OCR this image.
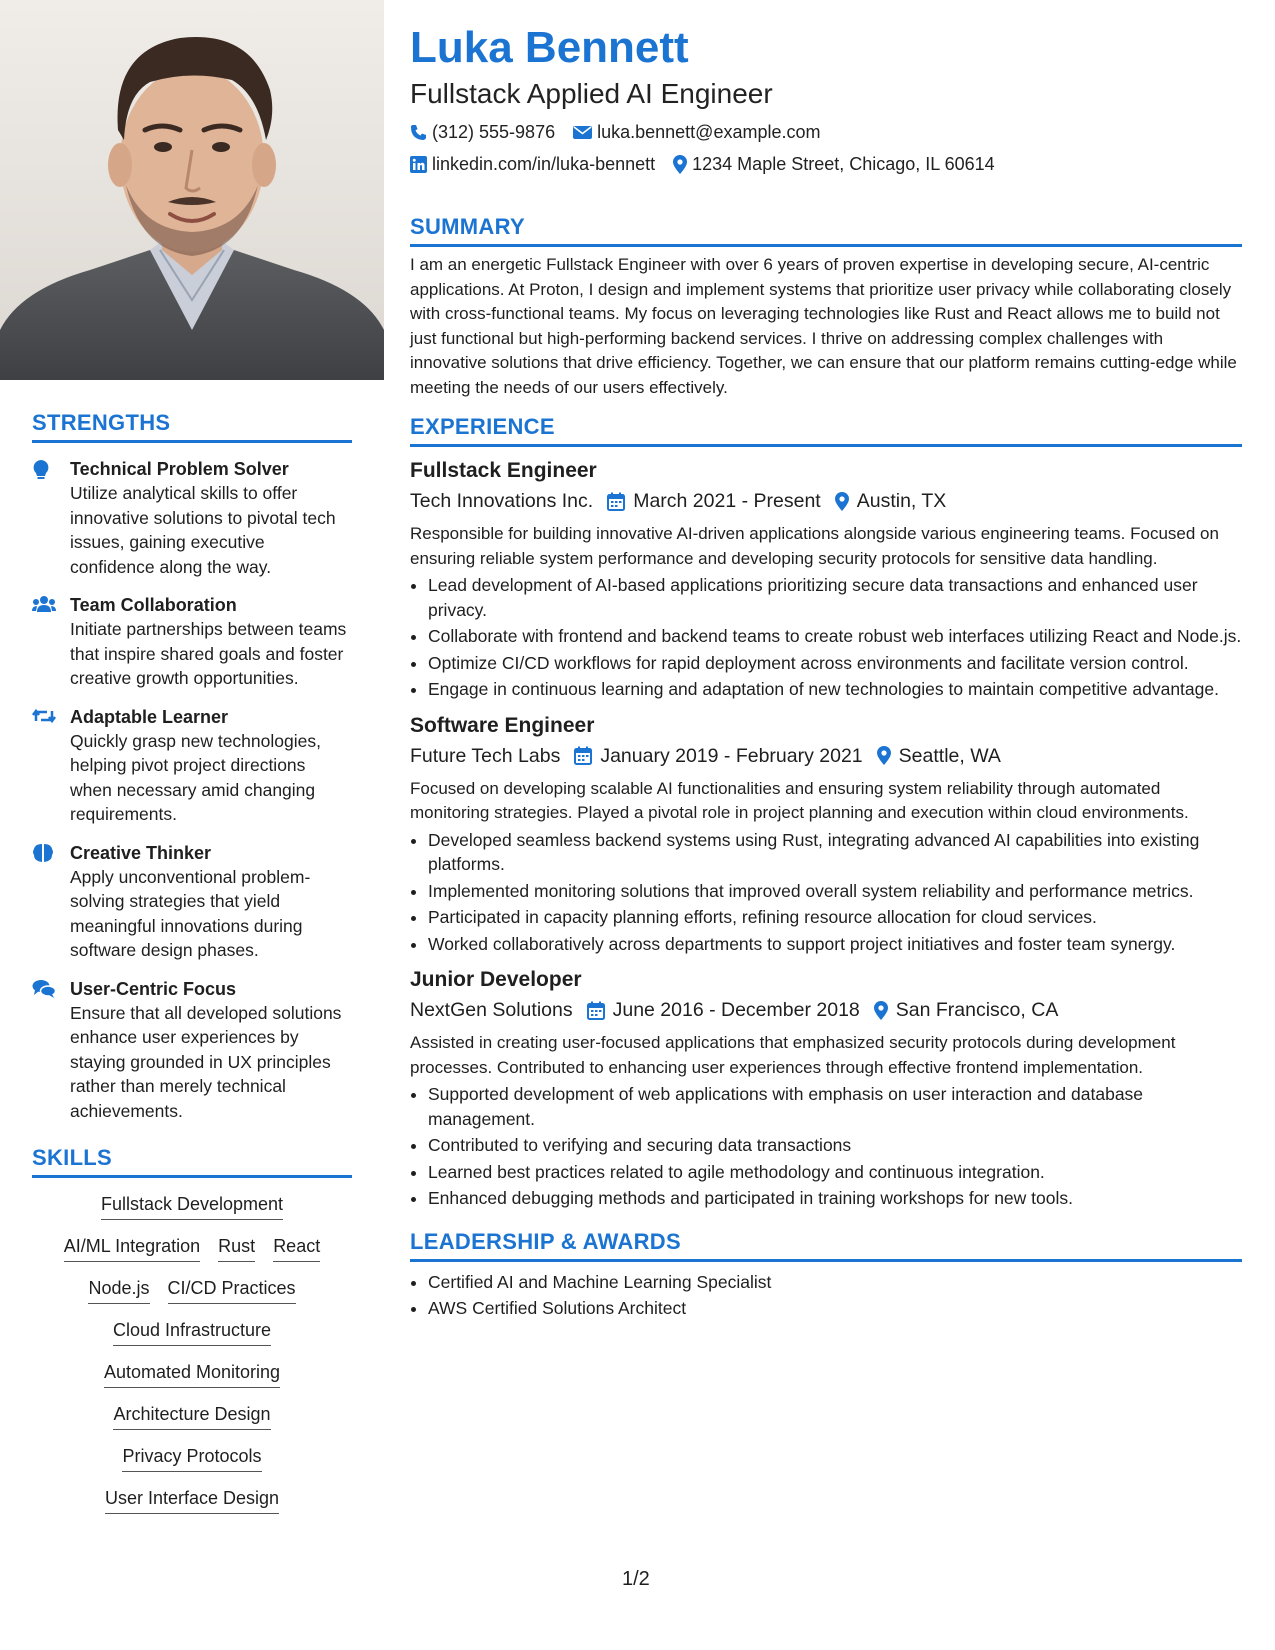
STRENGTHS
Technical Problem Solver
Utilize analytical skills to offer innovative solutions to pivotal tech issues, gaining executive confidence along the way.
Team Collaboration
Initiate partnerships between teams that inspire shared goals and foster creative growth opportunities.
Adaptable Learner
Quickly grasp new technologies, helping pivot project directions when necessary amid changing requirements.
Creative Thinker
Apply unconventional problem-solving strategies that yield meaningful innovations during software design phases.
User-Centric Focus
Ensure that all developed solutions enhance user experiences by staying grounded in UX principles rather than merely technical achievements.
SKILLS
Fullstack Development
AI/ML Integration Rust React
Node.js CI/CD Practices
Cloud Infrastructure
Automated Monitoring
Architecture Design
Privacy Protocols
User Interface Design
Luka Bennett
Fullstack Applied AI Engineer
(312) 555-9876 luka.bennett@example.com
linkedin.com/in/luka-bennett 1234 Maple Street, Chicago, IL 60614
SUMMARY

I am an energetic Fullstack Engineer with over 6 years of proven expertise in developing secure, AI-centric applications. At Proton, I design and implement systems that prioritize user privacy while collaborating closely with cross-functional teams. My focus on leveraging technologies like Rust and React allows me to build not just functional but high-performing backend services. I thrive on addressing complex challenges with innovative solutions that drive efficiency. Together, we can ensure that our platform remains cutting-edge while meeting the needs of our users effectively.

EXPERIENCE
Fullstack Engineer
Tech Innovations Inc. March 2021 - Present Austin, TX

Responsible for building innovative AI-driven applications alongside various engineering teams. Focused on ensuring reliable system performance and developing security protocols for sensitive data handling.

• Lead development of AI-based applications prioritizing secure data transactions and enhanced user privacy.
• Collaborate with frontend and backend teams to create robust web interfaces utilizing React and Node.js.
• Optimize CI/CD workflows for rapid deployment across environments and facilitate version control.
• Engage in continuous learning and adaptation of new technologies to maintain competitive advantage.
Software Engineer
Future Tech Labs January 2019 - February 2021 Seattle, WA

Focused on developing scalable AI functionalities and ensuring system reliability through automated monitoring strategies. Played a pivotal role in project planning and execution within cloud environments.

• Developed seamless backend systems using Rust, integrating advanced AI capabilities into existing platforms.
• Implemented monitoring solutions that improved overall system reliability and performance metrics.
• Participated in capacity planning efforts, refining resource allocation for cloud services.
• Worked collaboratively across departments to support project initiatives and foster team synergy.
Junior Developer
NextGen Solutions June 2016 - December 2018 San Francisco, CA

Assisted in creating user-focused applications that emphasized security protocols during development processes. Contributed to enhancing user experiences through effective frontend implementation.

• Supported development of web applications with emphasis on user interaction and database management.
• Contributed to verifying and securing data transactions
• Learned best practices related to agile methodology and continuous integration.
• Enhanced debugging methods and participated in training workshops for new tools.
LEADERSHIP & AWARDS
• Certified AI and Machine Learning Specialist
• AWS Certified Solutions Architect
1/2
